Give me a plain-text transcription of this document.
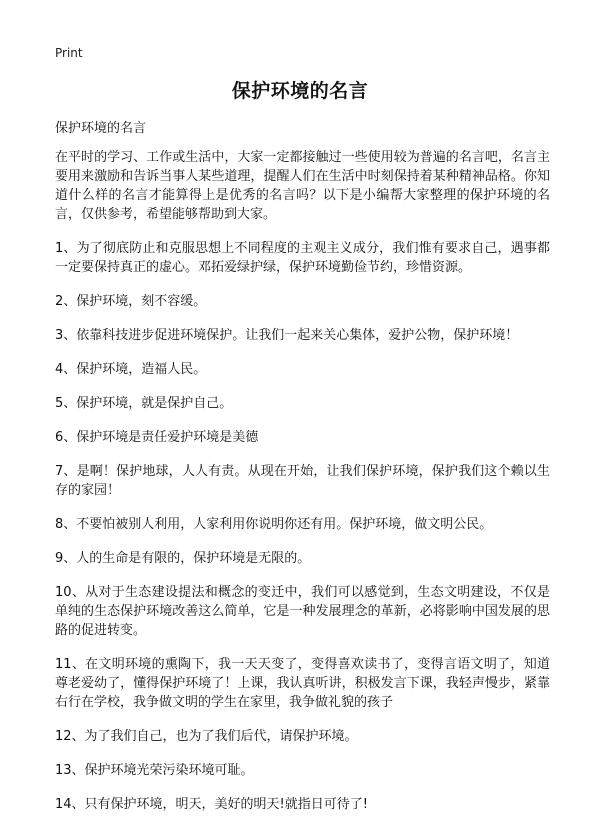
Print
保护环境的名言
保护环境的名言

在平时的学习、工作或生活中，大家一定都接触过一些使用较为普遍的名言吧，名言主要用来激励和告诉当事人某些道理，提醒人们在生活中时刻保持着某种精神品格。你知道什么样的名言才能算得上是优秀的名言吗？以下是小编帮大家整理的保护环境的名言，仅供参考，希望能够帮助到大家。

1、为了彻底防止和克服思想上不同程度的主观主义成分，我们惟有要求自己，遇事都一定要保持真正的虚心。邓拓爱绿护绿，保护环境勤俭节约，珍惜资源。

2、保护环境，刻不容缓。

3、依靠科技进步促进环境保护。让我们一起来关心集体，爱护公物，保护环境！

4、保护环境，造福人民。

5、保护环境，就是保护自己。

6、保护环境是责任爱护环境是美德

7、是啊！保护地球，人人有责。从现在开始，让我们保护环境，保护我们这个赖以生存的家园！

8、不要怕被别人利用，人家利用你说明你还有用。保护环境，做文明公民。

9、人的生命是有限的，保护环境是无限的。

10、从对于生态建设提法和概念的变迁中，我们可以感觉到，生态文明建设，不仅是单纯的生态保护环境改善这么简单，它是一种发展理念的革新，必将影响中国发展的思路的促进转变。

11、在文明环境的熏陶下，我一天天变了，变得喜欢读书了，变得言语文明了，知道尊老爱幼了，懂得保护环境了！上课，我认真听讲，积极发言下课，我轻声慢步，紧靠右行在学校，我争做文明的学生在家里，我争做礼貌的孩子

12、为了我们自己，也为了我们后代，请保护环境。

13、保护环境光荣污染环境可耻。

14、只有保护环境，明天，美好的明天!就指日可待了!
